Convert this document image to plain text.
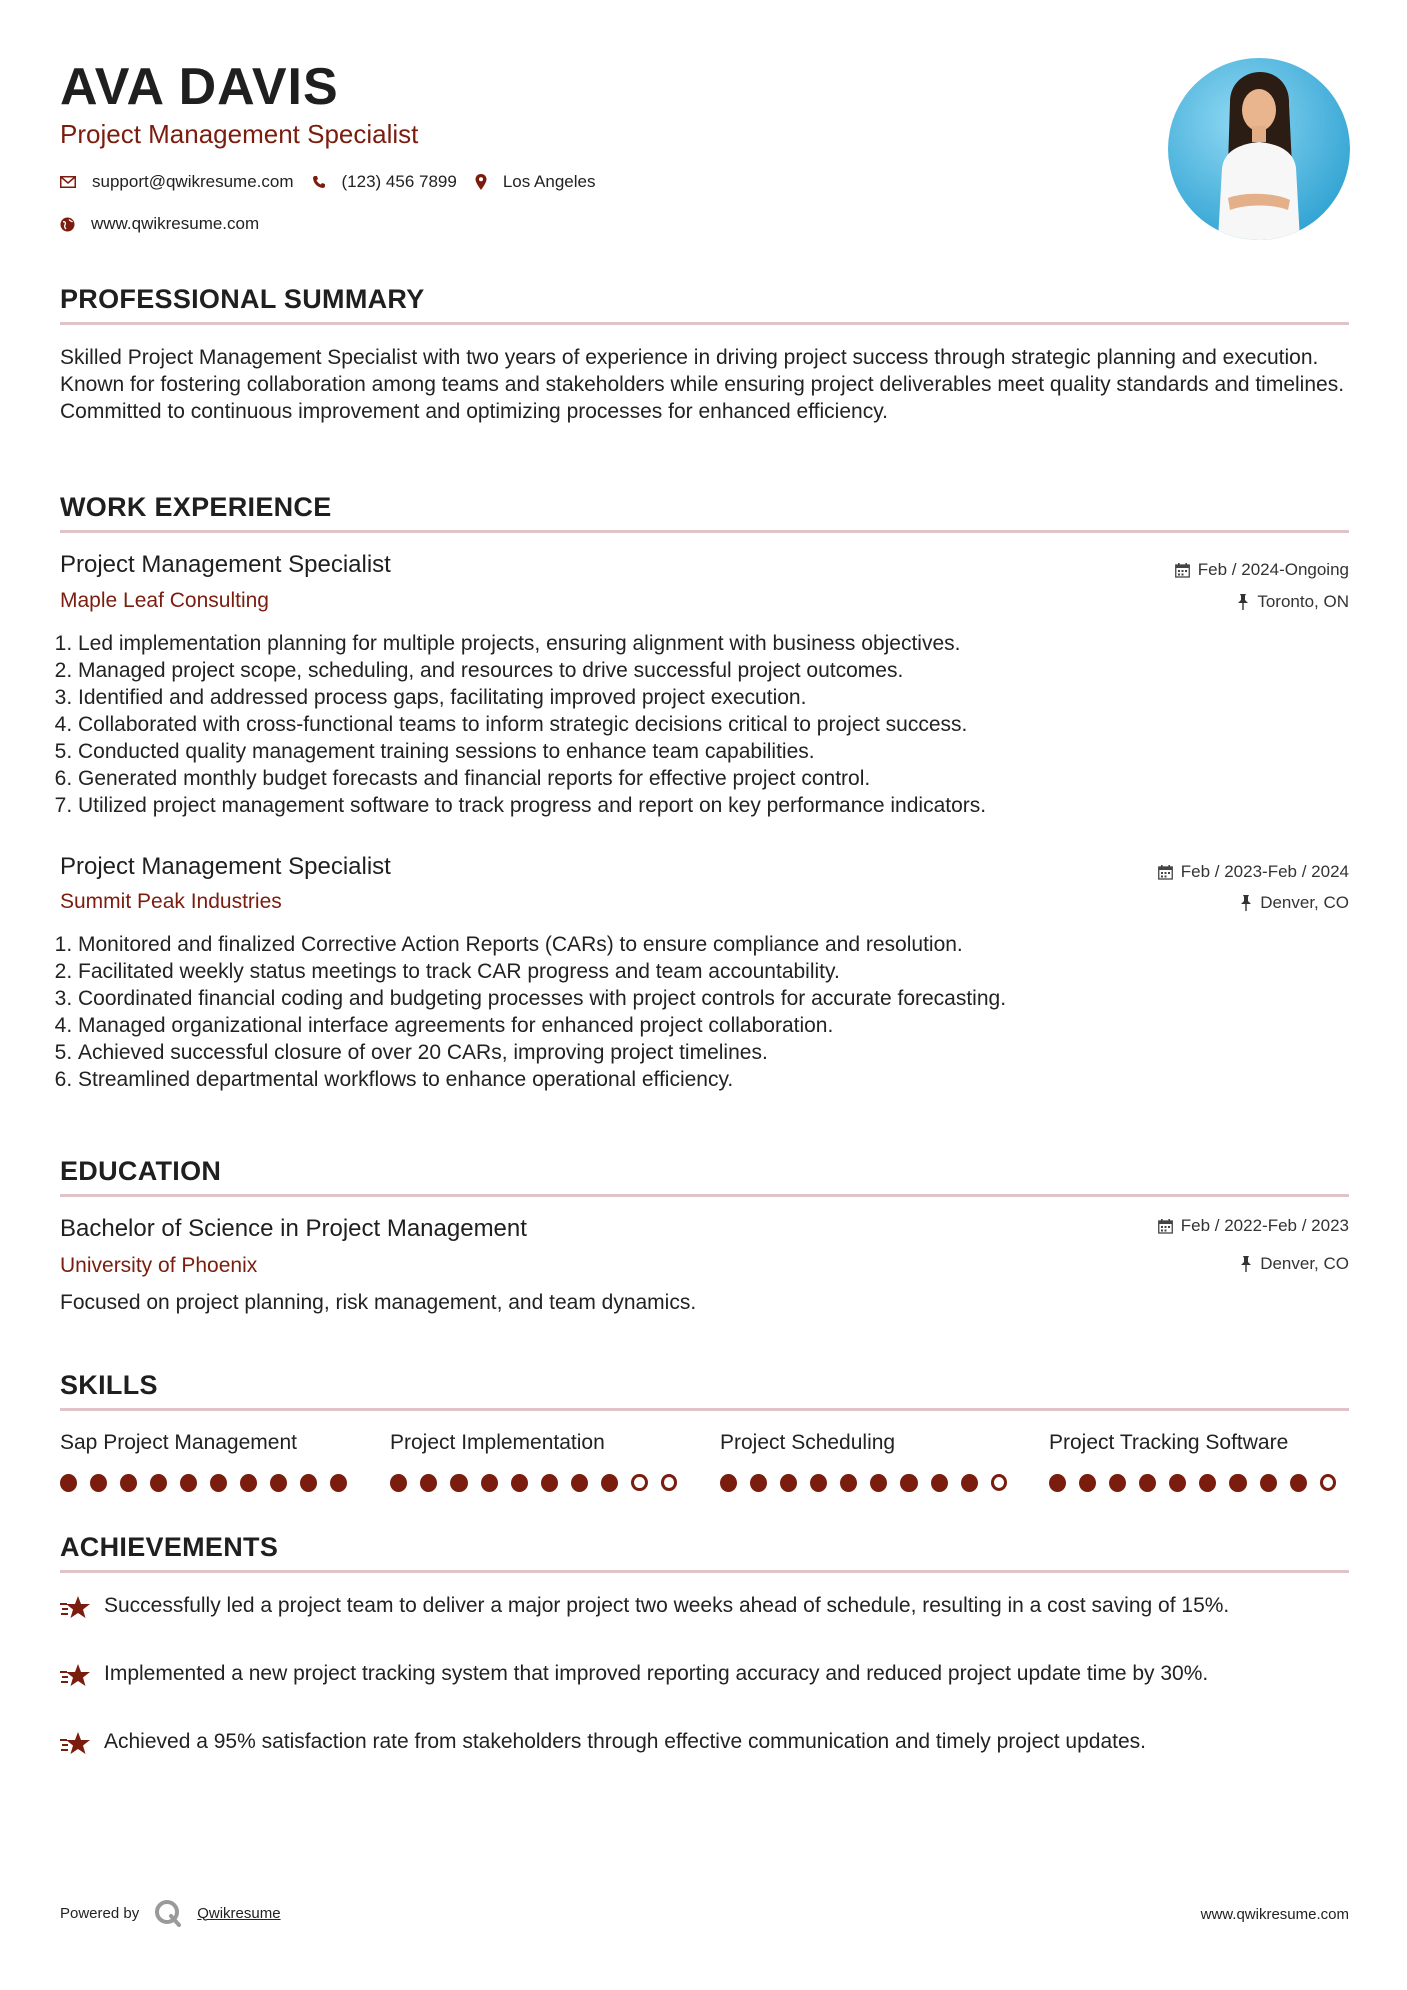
AVA DAVIS
Project Management Specialist
support@qwikresume.com	(123) 456 7899	Los Angeles
www.qwikresume.com
PROFESSIONAL SUMMARY
Skilled Project Management Specialist with two years of experience in driving project success through strategic planning and execution. Known for fostering collaboration among teams and stakeholders while ensuring project deliverables meet quality standards and timelines. Committed to continuous improvement and optimizing processes for enhanced efficiency.
WORK EXPERIENCE
Project Management Specialist
Maple Leaf Consulting
Feb / 2024-Ongoing
Toronto, ON
1. Led implementation planning for multiple projects, ensuring alignment with business objectives.
2. Managed project scope, scheduling, and resources to drive successful project outcomes.
3. Identified and addressed process gaps, facilitating improved project execution.
4. Collaborated with cross-functional teams to inform strategic decisions critical to project success.
5. Conducted quality management training sessions to enhance team capabilities.
6. Generated monthly budget forecasts and financial reports for effective project control.
7. Utilized project management software to track progress and report on key performance indicators.
Project Management Specialist
Summit Peak Industries
Feb / 2023-Feb / 2024
Denver, CO
1. Monitored and finalized Corrective Action Reports (CARs) to ensure compliance and resolution.
2. Facilitated weekly status meetings to track CAR progress and team accountability.
3. Coordinated financial coding and budgeting processes with project controls for accurate forecasting.
4. Managed organizational interface agreements for enhanced project collaboration.
5. Achieved successful closure of over 20 CARs, improving project timelines.
6. Streamlined departmental workflows to enhance operational efficiency.
EDUCATION
Bachelor of Science in Project Management
University of Phoenix
Feb / 2022-Feb / 2023
Denver, CO
Focused on project planning, risk management, and team dynamics.
SKILLS
Sap Project Management	Project Implementation	Project Scheduling	Project Tracking Software
ACHIEVEMENTS
Successfully led a project team to deliver a major project two weeks ahead of schedule, resulting in a cost saving of 15%.
Implemented a new project tracking system that improved reporting accuracy and reduced project update time by 30%.
Achieved a 95% satisfaction rate from stakeholders through effective communication and timely project updates.
Powered by	Qwikresume	www.qwikresume.com
